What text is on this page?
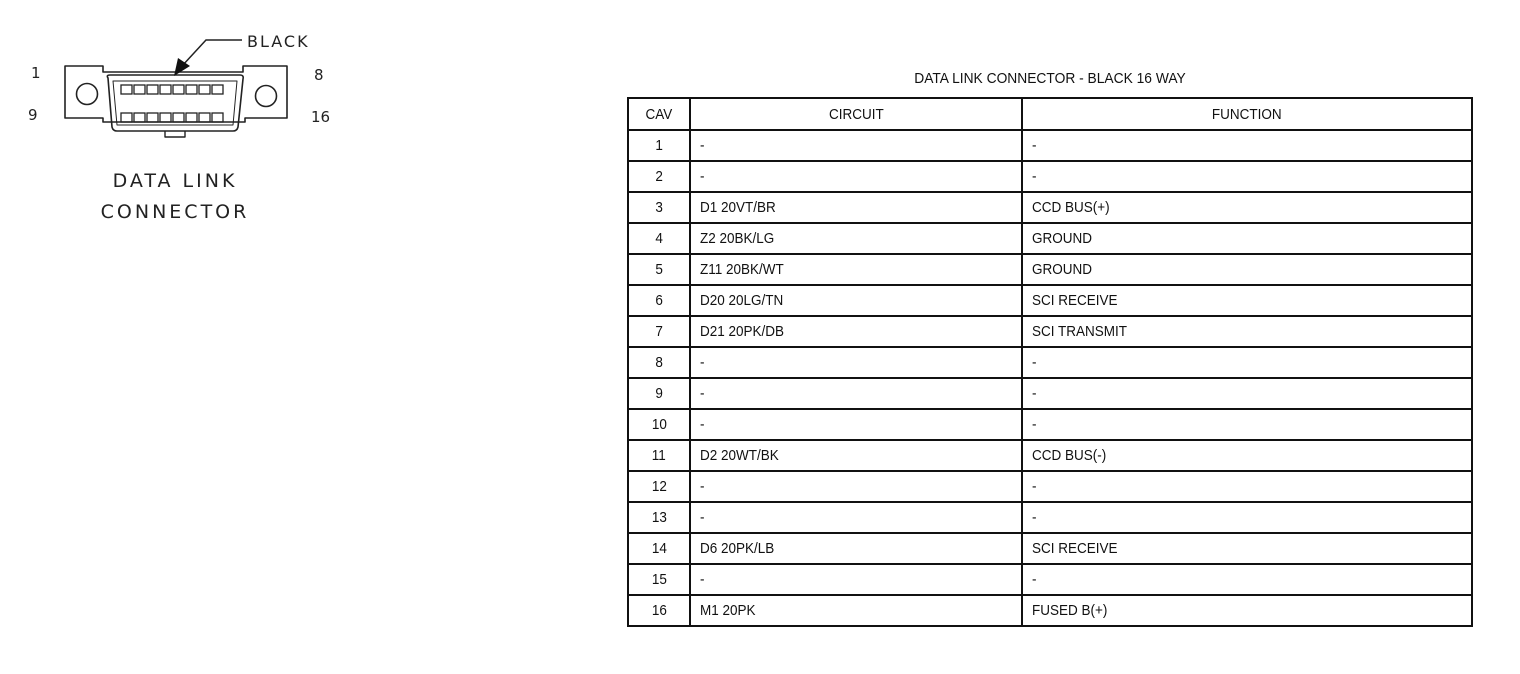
BLACK
1	8
9	16
DATA LINK
CONNECTOR
DATA LINK CONNECTOR - BLACK 16 WAY
CAV	CIRCUIT	FUNCTION
1	-	-
2	-	-
3	D1 20VT/BR	CCD BUS(+)
4	Z2 20BK/LG	GROUND
5	Z11 20BK/WT	GROUND
6	D20 20LG/TN	SCI RECEIVE
7	D21 20PK/DB	SCI TRANSMIT
8	-	-
9	-	-
10	-	-
11	D2 20WT/BK	CCD BUS(-)
12	-	-
13	-	-
14	D6 20PK/LB	SCI RECEIVE
15	-	-
16	M1 20PK	FUSED B(+)
